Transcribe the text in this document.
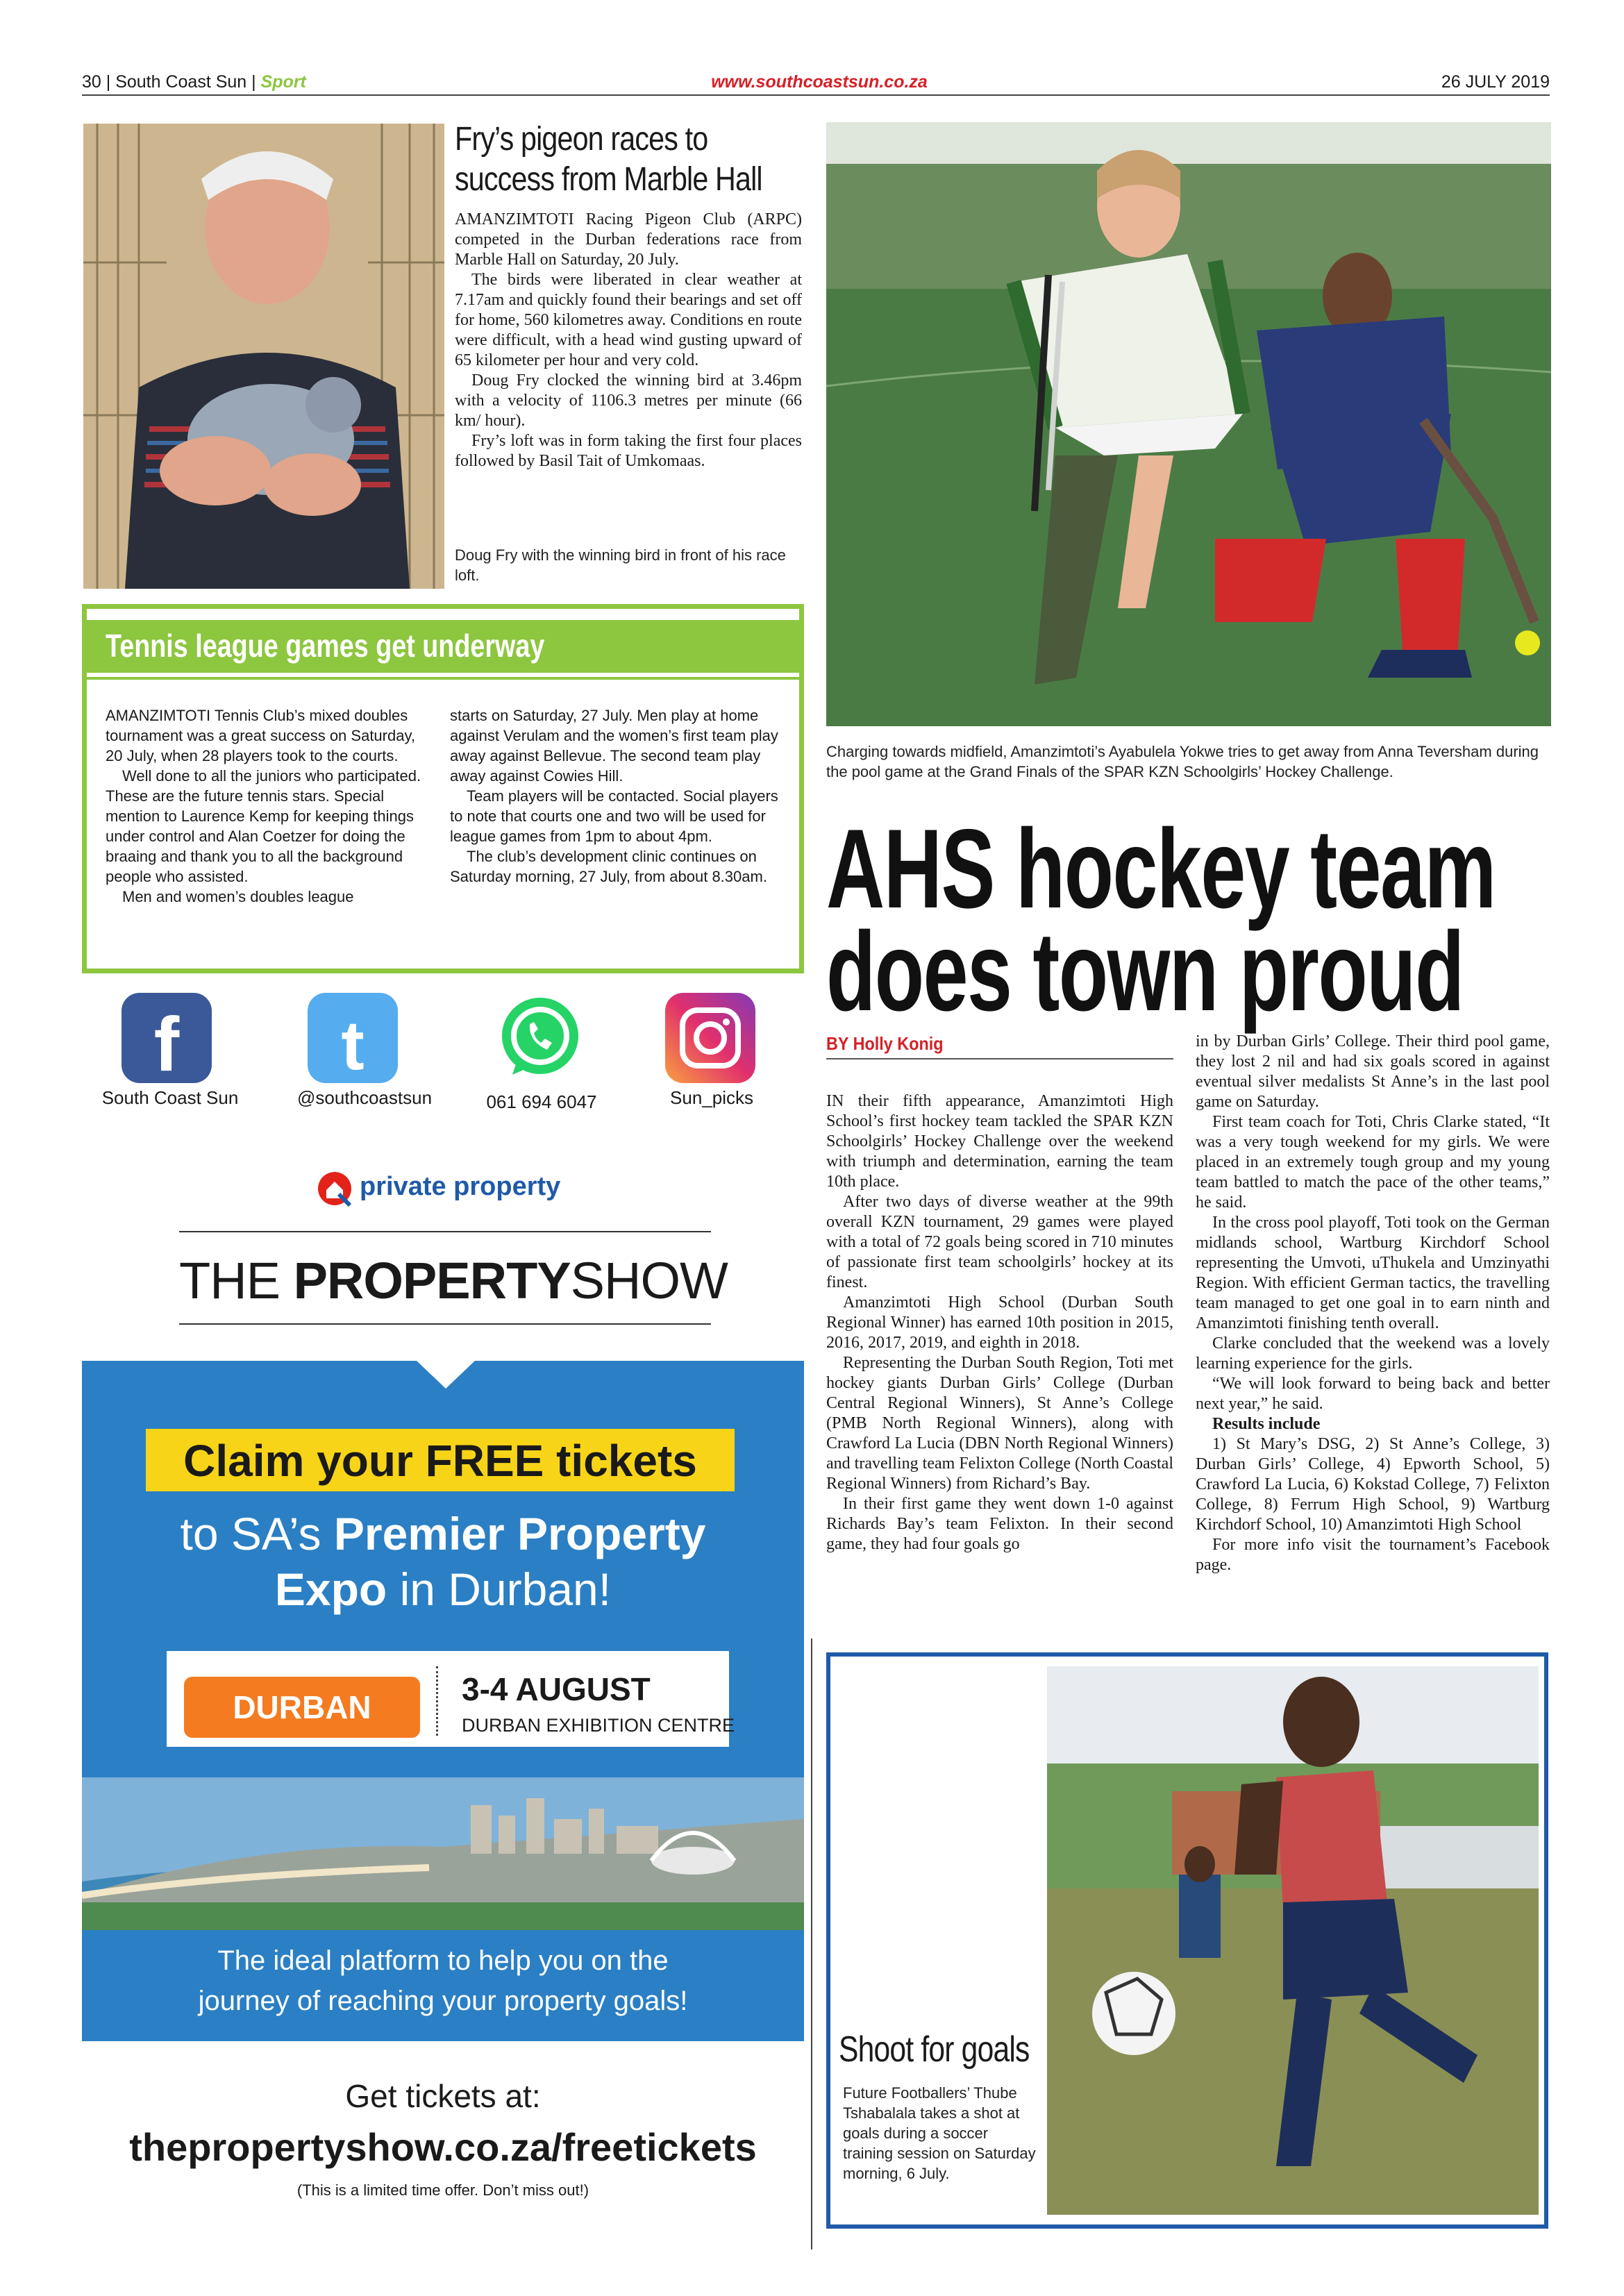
30 | South Coast Sun | Sport	www.southcoastsun.co.za	26 JULY 2019
Fry’s pigeon races to
success from Marble Hall

AMANZIMTOTI Racing Pigeon Club (ARPC) competed in the Durban federations race from Marble Hall on Saturday, 20 July.

The birds were liberated in clear weather at 7.17am and quickly found their bearings and set off for home, 560 kilometres away. Conditions en route were difficult, with a head wind gusting upward of 65 kilometer per hour and very cold.

Doug Fry clocked the winning bird at 3.46pm with a velocity of 1106.3 metres per minute (66 km/ hour).

Fry’s loft was in form taking the first four places followed by Basil Tait of Umkomaas.

Doug Fry with the winning bird in front of his race loft.
Tennis league games get underway

AMANZIMTOTI Tennis Club’s mixed doubles tournament was a great success on Saturday, 20 July, when 28 players took to the courts.

Well done to all the juniors who participated. These are the future tennis stars. Special mention to Laurence Kemp for keeping things under control and Alan Coetzer for doing the braaing and thank you to all the background people who assisted.

Men and women’s doubles league

starts on Saturday, 27 July. Men play at home against Verulam and the women’s first team play away against Bellevue. The second team play away against Cowies Hill.

Team players will be contacted. Social players to note that courts one and two will be used for league games from 1pm to about 4pm.

The club’s development clinic continues on Saturday morning, 27 July, from about 8.30am.

f
South Coast Sun
t
@southcoastsun	061 694 6047	Sun_picks
private property
THE PROPERTYSHOW
Claim your FREE tickets
to SA’s Premier Property
Expo in Durban!
DURBAN	3-4 AUGUST
DURBAN EXHIBITION CENTRE
The ideal platform to help you on the
journey of reaching your property goals!
Get tickets at:
thepropertyshow.co.za/freetickets
(This is a limited time offer. Don’t miss out!)
Charging towards midfield, Amanzimtoti’s Ayabulela Yokwe tries to get away from Anna Teversham during the pool game at the Grand Finals of the SPAR KZN Schoolgirls’ Hockey Challenge.
AHS hockey team
does town proud
BY Holly Konig

IN their fifth appearance, Amanzimtoti High School’s first hockey team tackled the SPAR KZN Schoolgirls’ Hockey Challenge over the weekend with triumph and determination, earning the team 10th place.

After two days of diverse weather at the 99th overall KZN tournament, 29 games were played with a total of 72 goals being scored in 710 minutes of passionate first team schoolgirls’ hockey at its finest.

Amanzimtoti High School (Durban South Regional Winner) has earned 10th position in 2015, 2016, 2017, 2019, and eighth in 2018.

Representing the Durban South Region, Toti met hockey giants Durban Girls’ College (Durban Central Regional Winners), St Anne’s College (PMB North Regional Winners), along with Crawford La Lucia (DBN North Regional Winners) and travelling team Felixton College (North Coastal Regional Winners) from Richard’s Bay.

In their first game they went down 1-0 against Richards Bay’s team Felixton. In their second game, they had four goals go

in by Durban Girls’ College. Their third pool game, they lost 2 nil and had six goals scored in against eventual silver medalists St Anne’s in the last pool game on Saturday.

First team coach for Toti, Chris Clarke stated, “It was a very tough weekend for my girls. We were placed in an extremely tough group and my young team battled to match the pace of the other teams,” he said.

In the cross pool playoff, Toti took on the German midlands school, Wartburg Kirchdorf School representing the Umvoti, uThukela and Umzinyathi Region. With efficient German tactics, the travelling team managed to get one goal in to earn ninth and Amanzimtoti finishing tenth overall.

Clarke concluded that the weekend was a lovely learning experience for the girls.

“We will look forward to being back and better next year,” he said.

Results include

1) St Mary’s DSG, 2) St Anne’s College, 3) Durban Girls’ College, 4) Epworth School, 5) Crawford La Lucia, 6) Kokstad College, 7) Felixton College, 8) Ferrum High School, 9) Wartburg Kirchdorf School, 10) Amanzimtoti High School

For more info visit the tournament’s Facebook page.

Shoot for goals
Future Footballers’ Thube Tshabalala takes a shot at goals during a soccer training session on Saturday morning, 6 July.
